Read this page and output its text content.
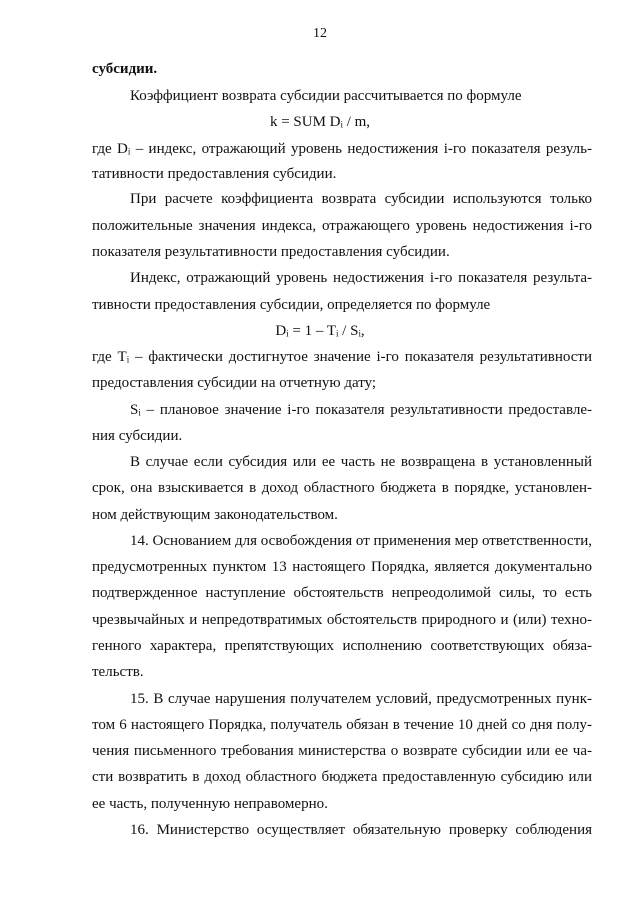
12
субсидии.
Коэффициент возврата субсидии рассчитывается по формуле
k = SUM Dᵢ / m,
где Dᵢ – индекс, отражающий уровень недостижения i-го показателя резуль-
тативности предоставления субсидии.
При расчете коэффициента возврата субсидии используются только
положительные значения индекса, отражающего уровень недостижения i-го
показателя результативности предоставления субсидии.
Индекс, отражающий уровень недостижения i-го показателя результа-
тивности предоставления субсидии, определяется по формуле
Dᵢ = 1 – Tᵢ / Sᵢ,
где Tᵢ – фактически достигнутое значение i-го показателя результативности
предоставления субсидии на отчетную дату;
Sᵢ – плановое значение i-го показателя результативности предоставле-
ния субсидии.
В случае если субсидия или ее часть не возвращена в установленный
срок, она взыскивается в доход областного бюджета в порядке, установлен-
ном действующим законодательством.
14. Основанием для освобождения от применения мер ответственности,
предусмотренных пунктом 13 настоящего Порядка, является документально
подтвержденное наступление обстоятельств непреодолимой силы, то есть
чрезвычайных и непредотвратимых обстоятельств природного и (или) техно-
генного характера, препятствующих исполнению соответствующих обяза-
тельств.
15. В случае нарушения получателем условий, предусмотренных пунк-
том 6 настоящего Порядка, получатель обязан в течение 10 дней со дня полу-
чения письменного требования министерства о возврате субсидии или ее ча-
сти возвратить в доход областного бюджета предоставленную субсидию или
ее часть, полученную неправомерно.
16. Министерство осуществляет обязательную проверку соблюдения
